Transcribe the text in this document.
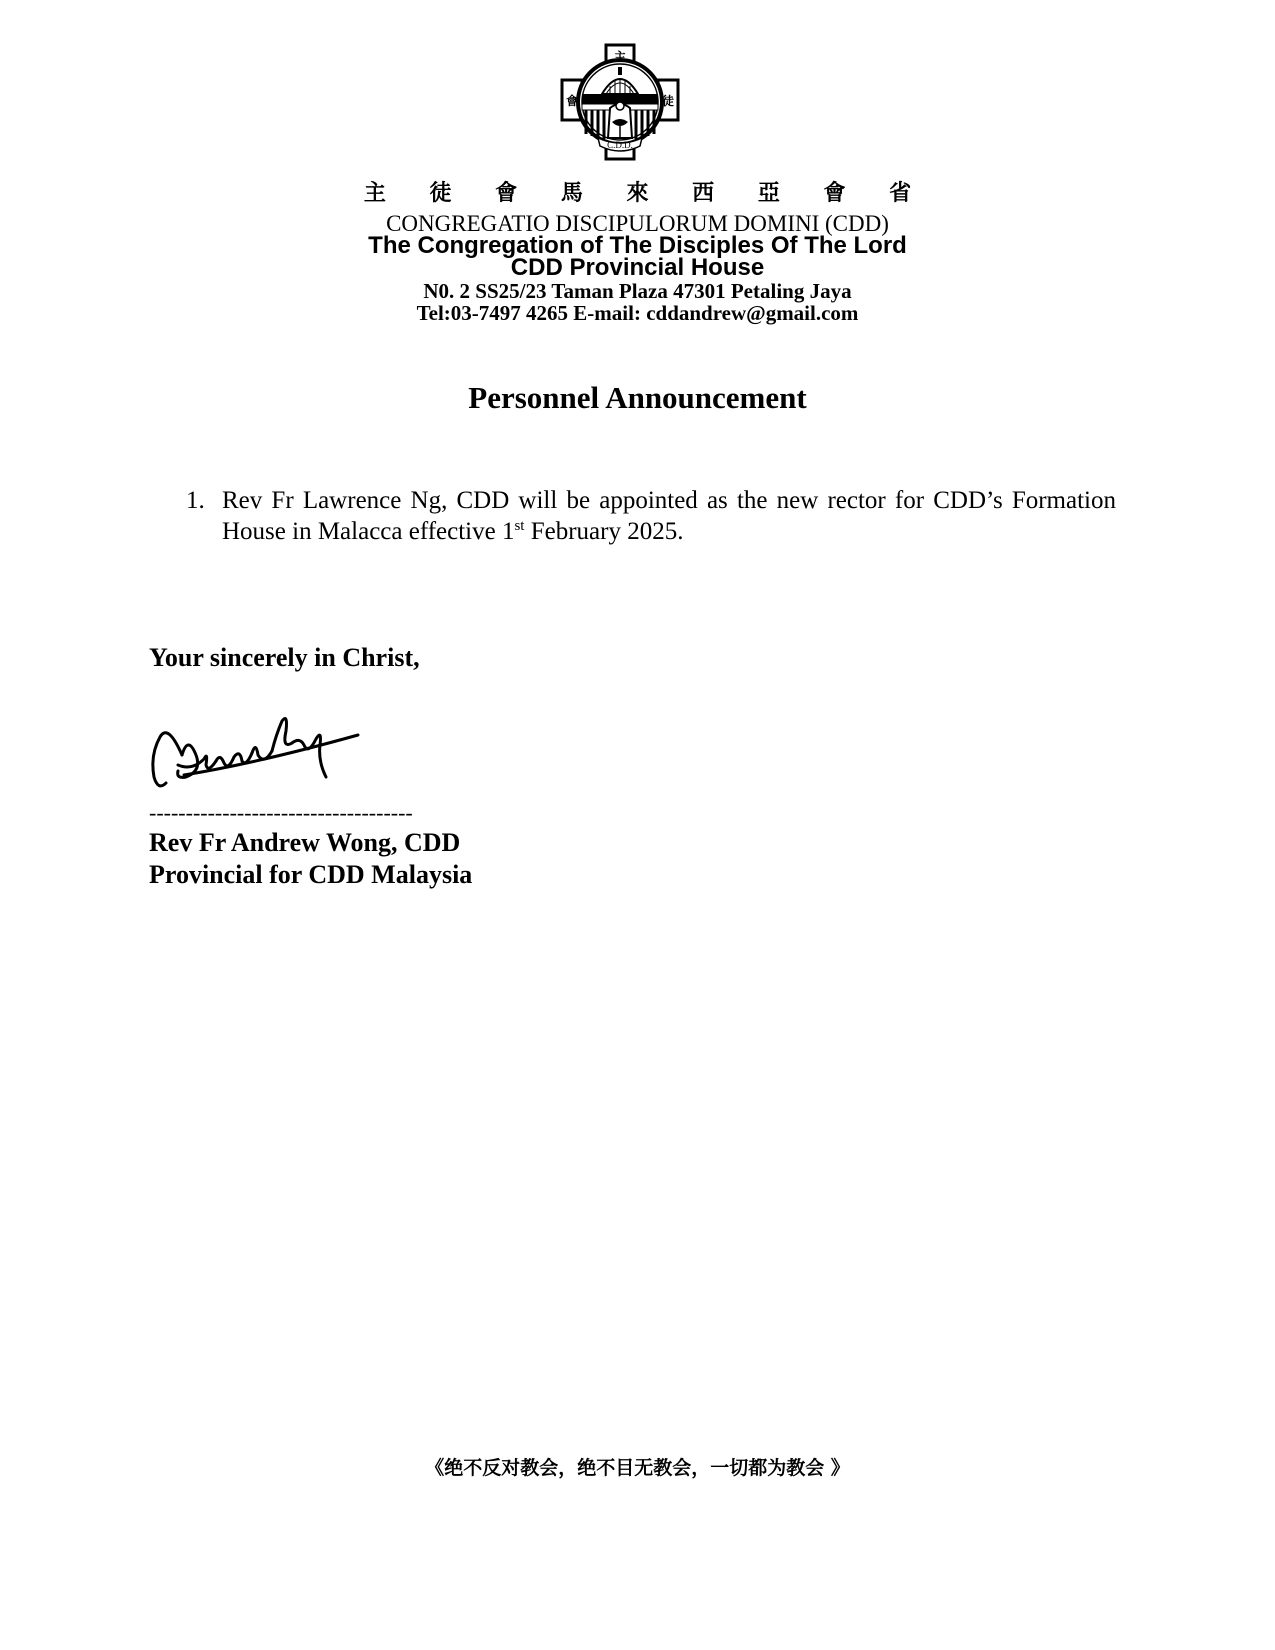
C.D.D.
主
會	徒
主 徒 會 馬 來 西 亞 會 省
CONGREGATIO DISCIPULORUM DOMINI (CDD)
The Congregation of The Disciples Of The Lord
CDD Provincial House
N0. 2 SS25/23 Taman Plaza 47301 Petaling Jaya
Tel:03-7497 4265 E-mail: cddandrew@gmail.com
Personnel Announcement
1. Rev Fr Lawrence Ng, CDD will be appointed as the new rector for CDD’s Formation House in Malacca effective 1st February 2025.
Your sincerely in Christ,
------------------------------------
Rev Fr Andrew Wong, CDD
Provincial for CDD Malaysia
《绝不反对教会，绝不目无教会，一切都为教会 》
